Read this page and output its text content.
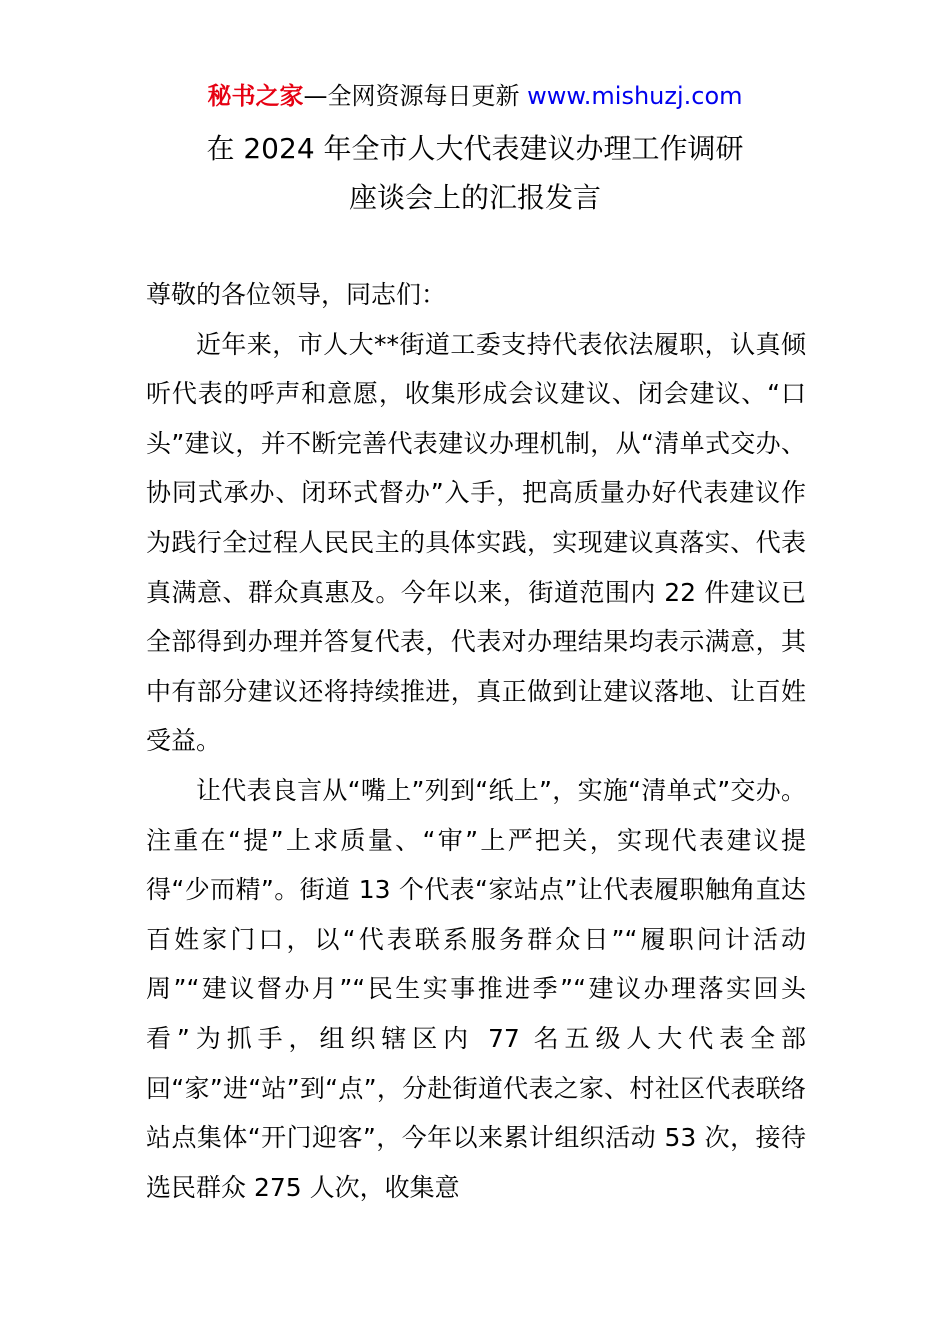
秘书之家—全网资源每日更新 www.mishuzj.com
在 2024 年全市人大代表建议办理工作调研
座谈会上的汇报发言

尊敬的各位领导，同志们：

近年来，市人大**街道工委支持代表依法履职，认真倾听代表的呼声和意愿，收集形成会议建议、闭会建议、“口头”建议，并不断完善代表建议办理机制，从“清单式交办、协同式承办、闭环式督办”入手，把高质量办好代表建议作为践行全过程人民民主的具体实践，实现建议真落实、代表真满意、群众真惠及。今年以来，街道范围内 22 件建议已全部得到办理并答复代表，代表对办理结果均表示满意，其中有部分建议还将持续推进，真正做到让建议落地、让百姓受益。

让代表良言从“嘴上”列到“纸上”，实施“清单式”交办。注重在“提”上求质量、“审”上严把关，实现代表建议提得“少而精”。街道 13 个代表“家站点”让代表履职触角直达百姓家门口，以“代表联系服务群众日”“履职问计活动周”“建议督办月”“民生实事推进季”“建议办理落实回头看”为抓手，组织辖区内 77 名五级人大代表全部回“家”进“站”到“点”，分赴街道代表之家、村社区代表联络站点集体“开门迎客”，今年以来累计组织活动 53 次，接待选民群众 275 人次，收集意
